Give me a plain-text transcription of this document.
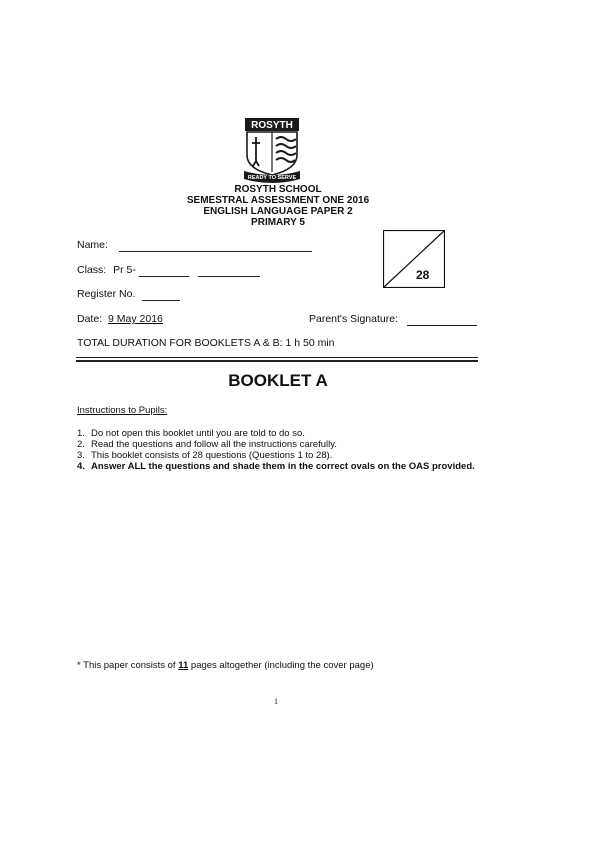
ROSYTH
READY TO SERVE
ROSYTH SCHOOL
SEMESTRAL ASSESSMENT ONE 2016
ENGLISH LANGUAGE PAPER 2
PRIMARY 5
28
Name:
Class: Pr 5-
Register No.
Date: 9 May 2016	Parent's Signature:
TOTAL DURATION FOR BOOKLETS A & B: 1 h 50 min
BOOKLET A
Instructions to Pupils:
1. Do not open this booklet until you are told to do so.
2. Read the questions and follow all the instructions carefully.
3. This booklet consists of 28 questions (Questions 1 to 28).
4. Answer ALL the questions and shade them in the correct ovals on the OAS provided.
* This paper consists of 11 pages altogether (including the cover page)
1
